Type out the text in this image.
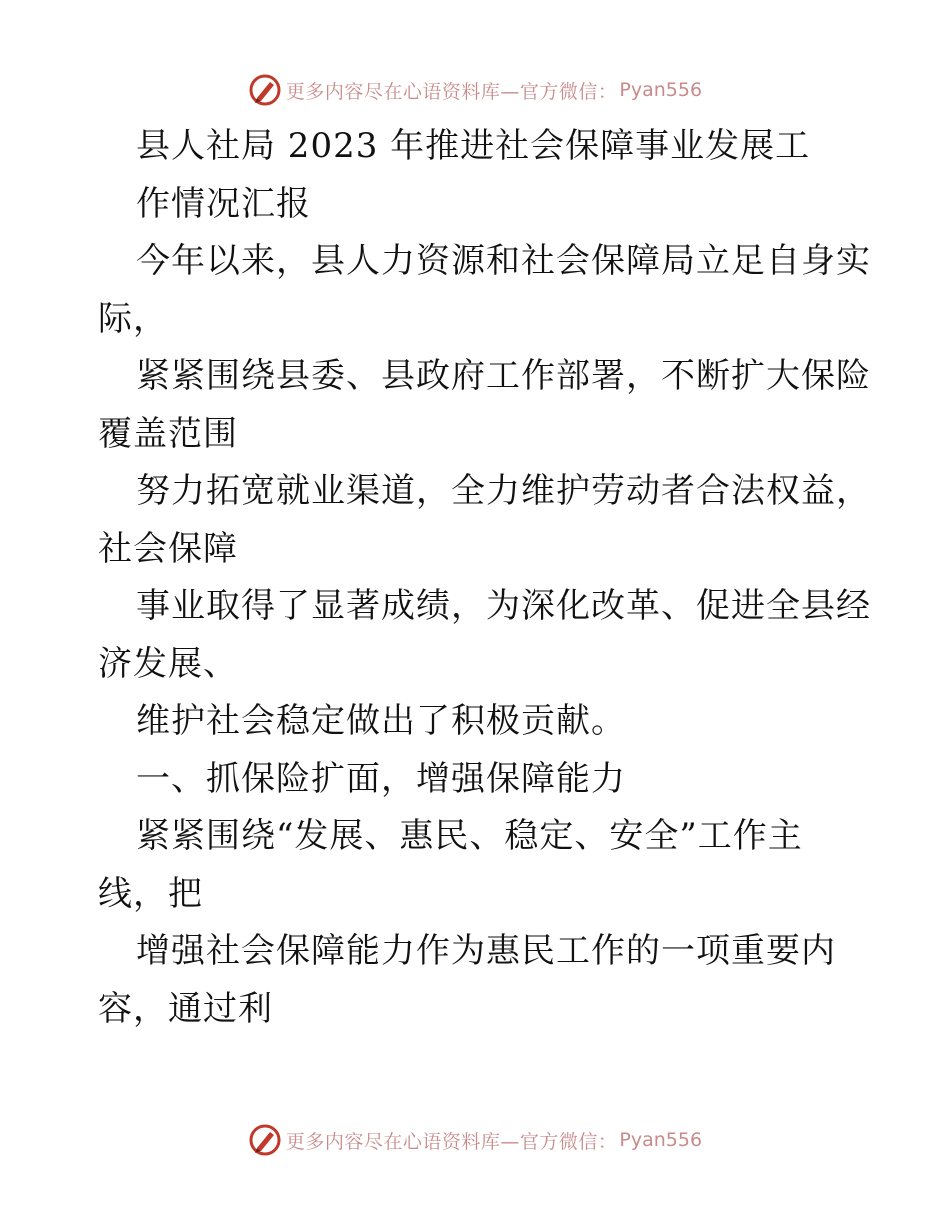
更多内容尽在心语资料库—官方微信： Pyan556
县人社局 2023 年推进社会保障事业发展工
作情况汇报
今年以来，县人力资源和社会保障局立足自身实
际，
紧紧围绕县委、县政府工作部署，不断扩大保险
覆盖范围
努力拓宽就业渠道，全力维护劳动者合法权益，
社会保障
事业取得了显著成绩，为深化改革、促进全县经
济发展、
维护社会稳定做出了积极贡献。
一、抓保险扩面，增强保障能力
紧紧围绕“发展、惠民、稳定、安全”工作主
线，把
增强社会保障能力作为惠民工作的一项重要内
容，通过利
更多内容尽在心语资料库—官方微信： Pyan556
